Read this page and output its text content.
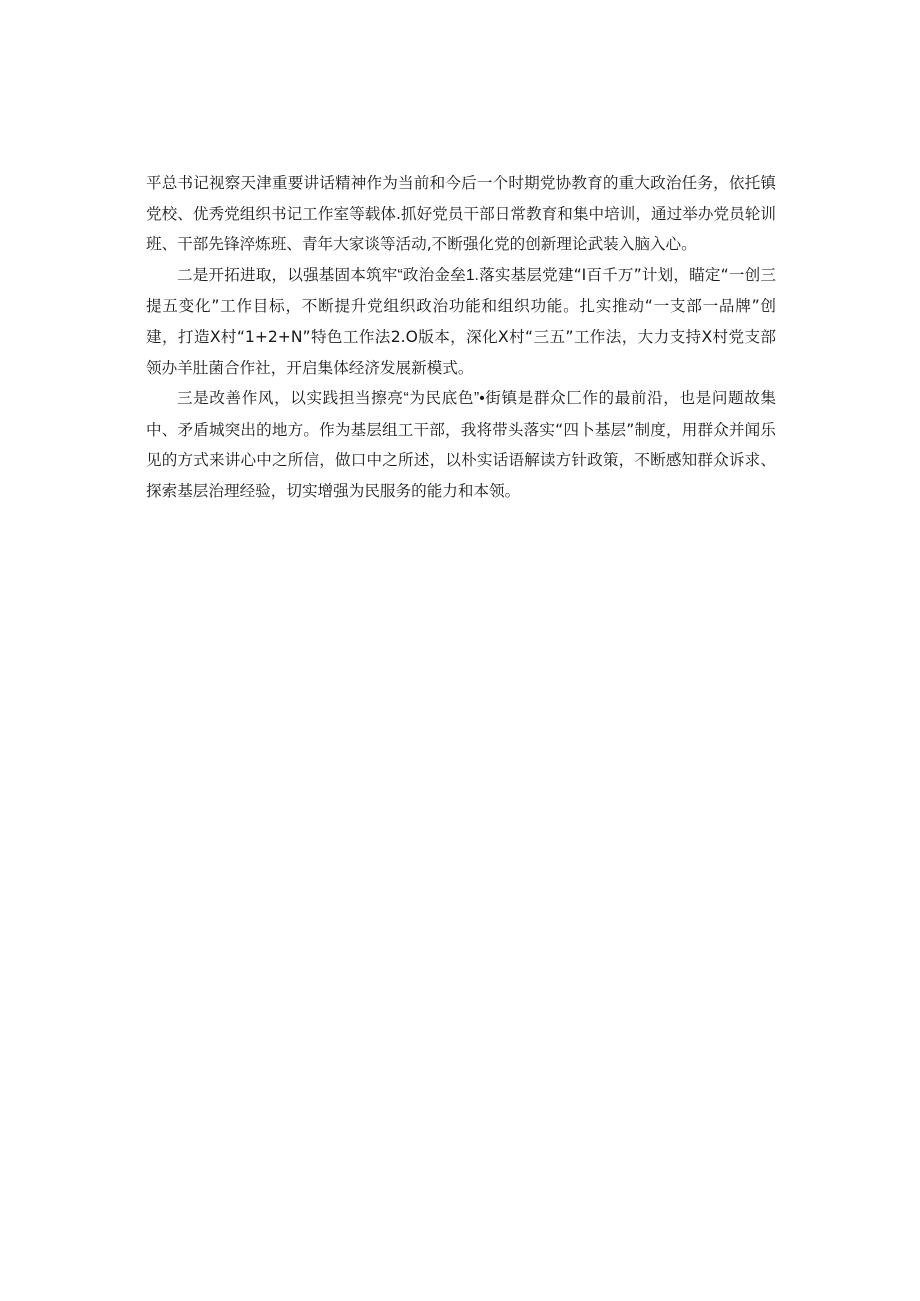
平总书记视察天津重要讲话精神作为当前和今后一个时期党协教育的重大政治任务，依托镇党校、优秀党组织书记工作室等载体.抓好党员干部日常教育和集中培训，通过举办党员轮训班、干部先锋淬炼班、青年大家谈等活动,不断强化党的创新理论武装入脑入心。

二是开拓进取，以强基固本筑牢“政治金垒1.落实基层党建“I百千万”计划，瞄定“一创三提五变化”工作目标，不断提升党组织政治功能和组织功能。扎实推动“一支部一品牌”创建，打造X村“1+2+N”特色工作法2.O版本，深化X村“三五”工作法，大力支持X村党支部领办羊肚菌合作社，开启集体经济发展新模式。

三是改善作风，以实践担当擦亮“为民底色”•街镇是群众匚作的最前沿，也是问题故集中、矛盾城突出的地方。作为基层组工干部，我将带头落实“四卜基层”制度，用群众并闻乐见的方式来讲心中之所信，做口中之所述，以朴实话语解读方针政策，不断感知群众诉求、探索基层治理经验，切实增强为民服务的能力和本领。
